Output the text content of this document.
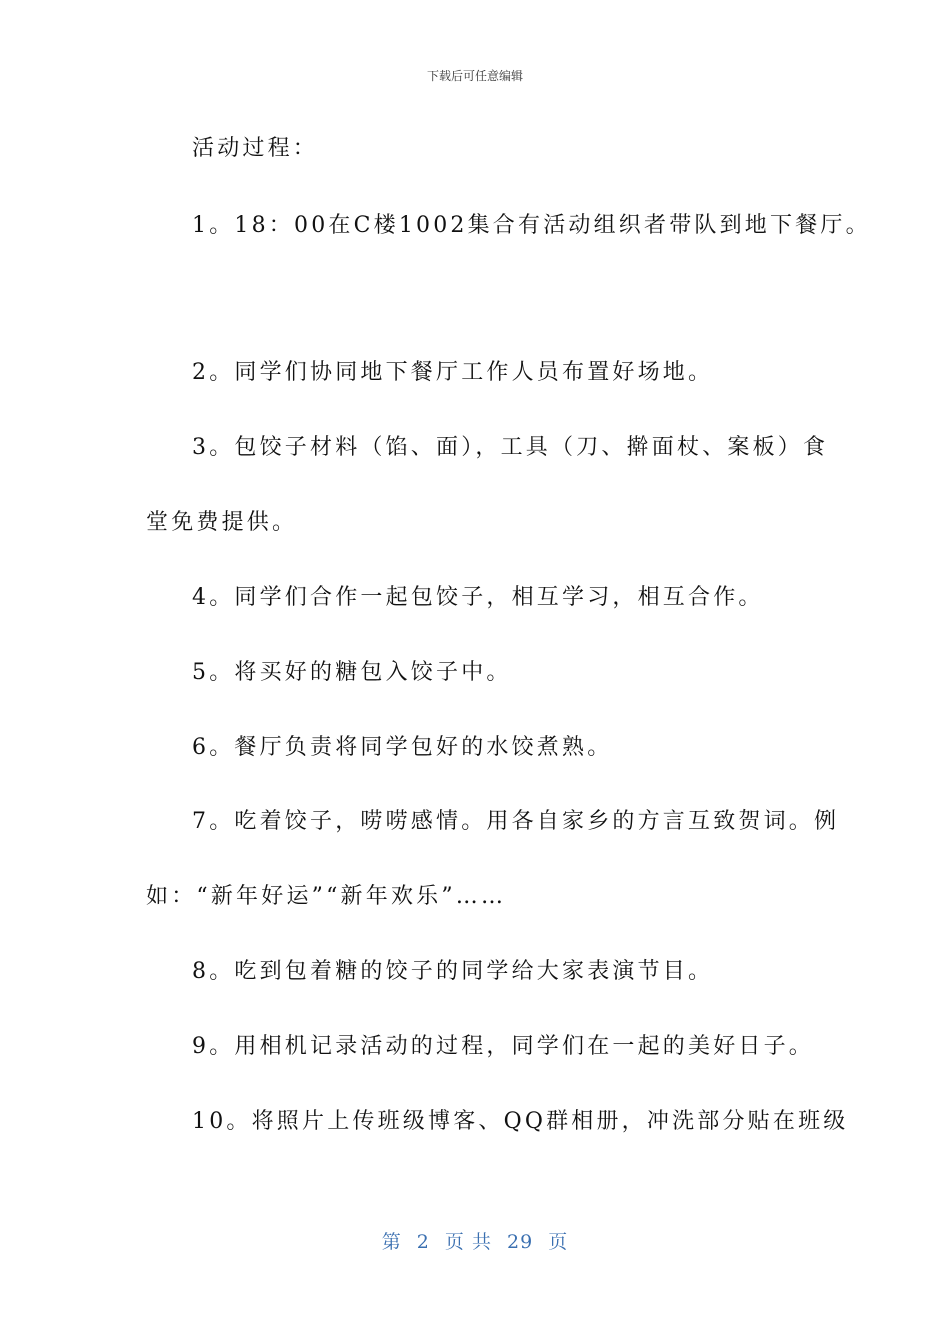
下载后可任意编辑
活动过程：
1。18：00在C楼1002集合有活动组织者带队到地下餐厅。
2。同学们协同地下餐厅工作人员布置好场地。
3。包饺子材料（馅、面），工具（刀、擀面杖、案板）食
堂免费提供。
4。同学们合作一起包饺子，相互学习，相互合作。
5。将买好的糖包入饺子中。
6。餐厅负责将同学包好的水饺煮熟。
7。吃着饺子，唠唠感情。用各自家乡的方言互致贺词。例
如：“新年好运”“新年欢乐”……
8。吃到包着糖的饺子的同学给大家表演节目。
9。用相机记录活动的过程，同学们在一起的美好日子。
10。将照片上传班级博客、QQ群相册，冲洗部分贴在班级
第 2 页 共 29 页
